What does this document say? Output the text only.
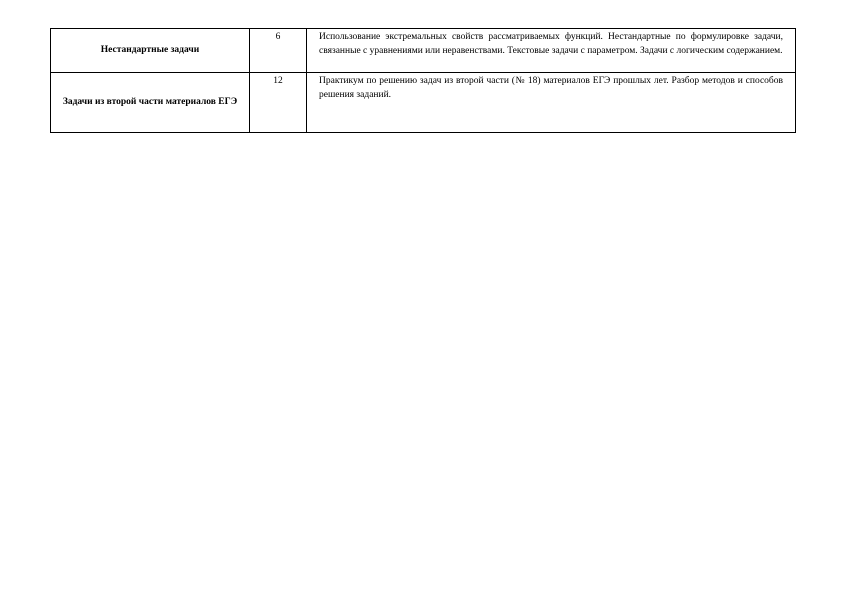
Нестандартные задачи	6	Использование экстремальных свойств рассматриваемых функций. Нестандартные по формулировке задачи, связанные с уравнениями или неравенствами. Текстовые задачи с параметром. Задачи с логическим содержанием.
Задачи из второй части материалов ЕГЭ	12	Практикум по решению задач из второй части (№ 18) материалов ЕГЭ прошлых лет. Разбор методов и способов решения заданий.
